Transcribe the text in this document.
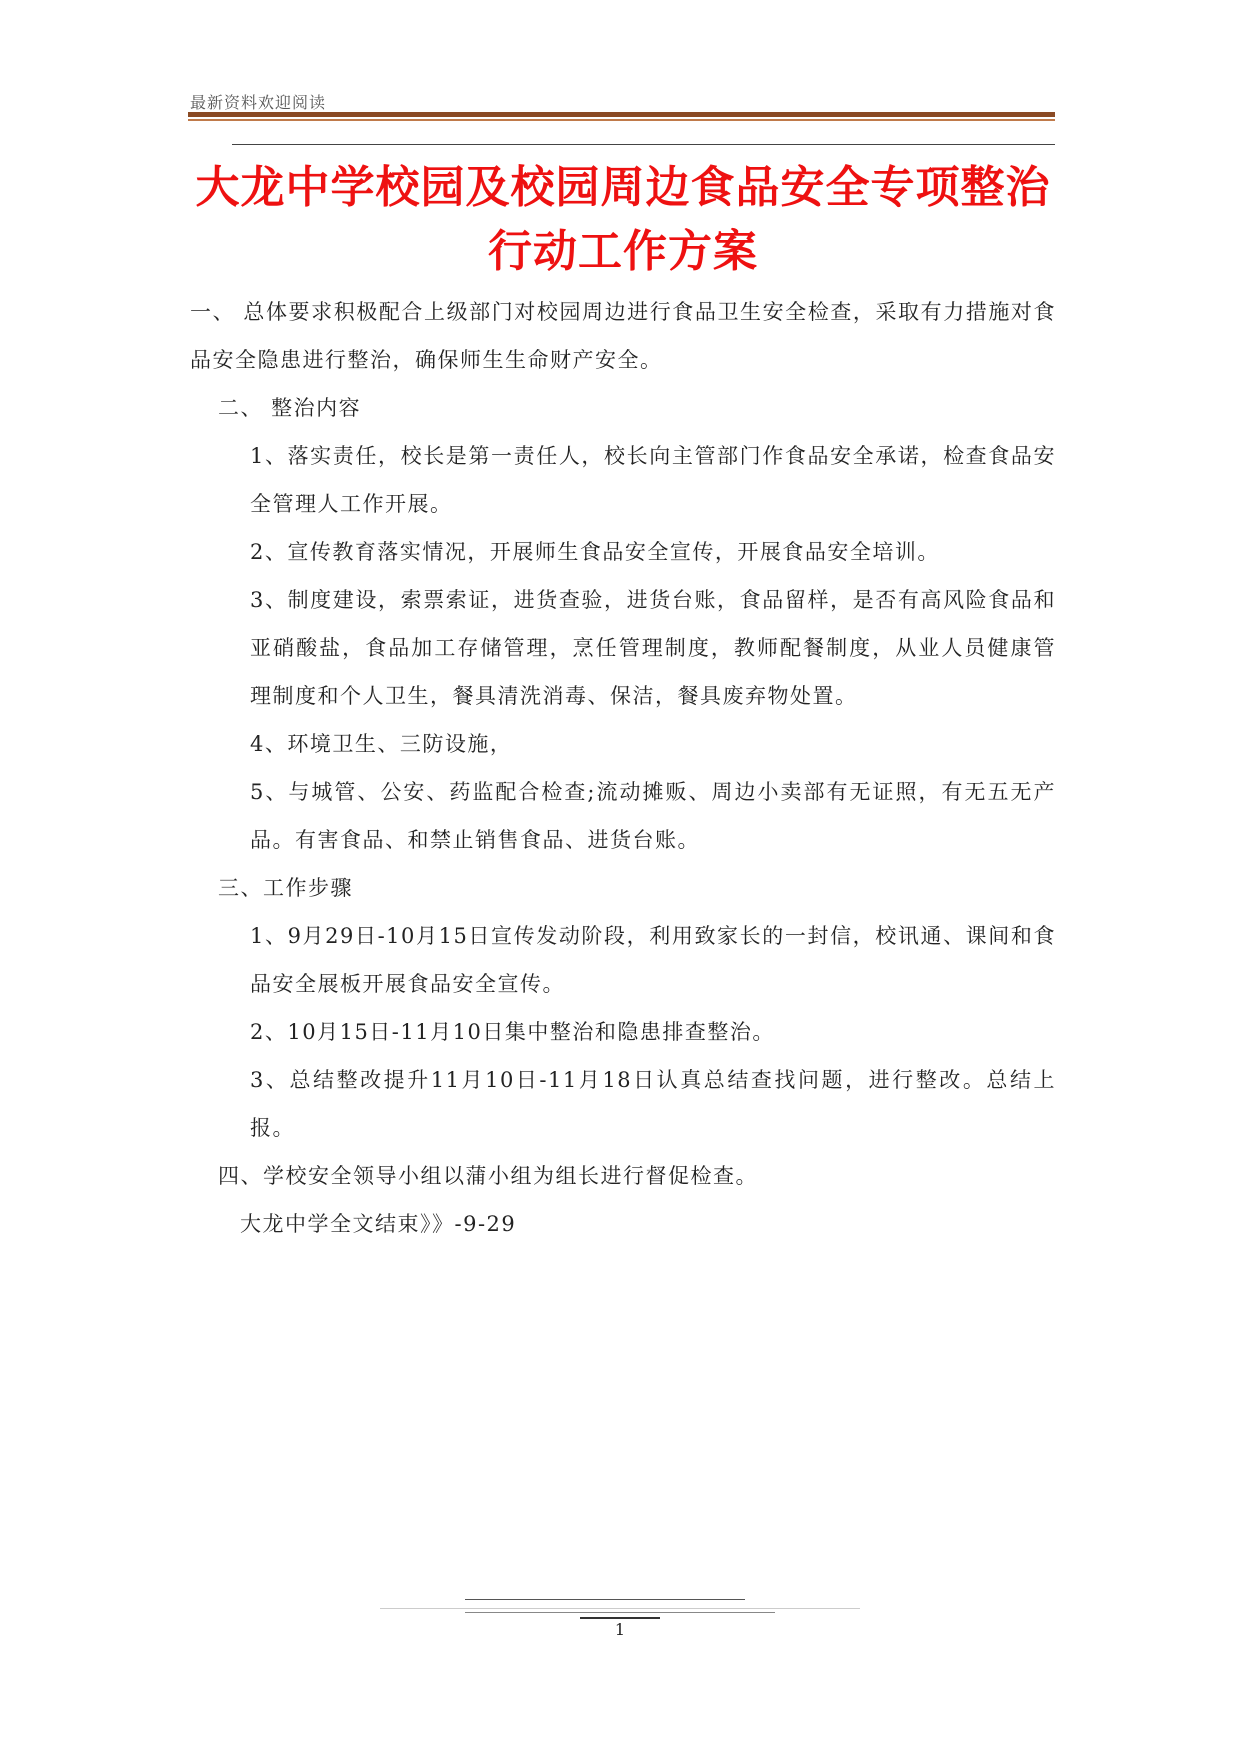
最新资料欢迎阅读
大龙中学校园及校园周边食品安全专项整治行动工作方案

一、 总体要求积极配合上级部门对校园周边进行食品卫生安全检查，采取有力措施对食品安全隐患进行整治，确保师生生命财产安全。

二、 整治内容

1、落实责任，校长是第一责任人，校长向主管部门作食品安全承诺，检查食品安全管理人工作开展。

2、宣传教育落实情况，开展师生食品安全宣传，开展食品安全培训。

3、制度建设，索票索证，进货查验，进货台账，食品留样，是否有高风险食品和亚硝酸盐，食品加工存储管理，烹任管理制度，教师配餐制度，从业人员健康管理制度和个人卫生，餐具清洗消毒、保洁，餐具废弃物处置。

4、环境卫生、三防设施，

5、与城管、公安、药监配合检查;流动摊贩、周边小卖部有无证照，有无五无产品。有害食品、和禁止销售食品、进货台账。

三、工作步骤

1、9月29日-10月15日宣传发动阶段，利用致家长的一封信，校讯通、课间和食品安全展板开展食品安全宣传。

2、10月15日-11月10日集中整治和隐患排查整治。

3、总结整改提升11月10日-11月18日认真总结查找问题，进行整改。总结上报。

四、学校安全领导小组以蒲小组为组长进行督促检查。

大龙中学全文结束》》-9-29

1
